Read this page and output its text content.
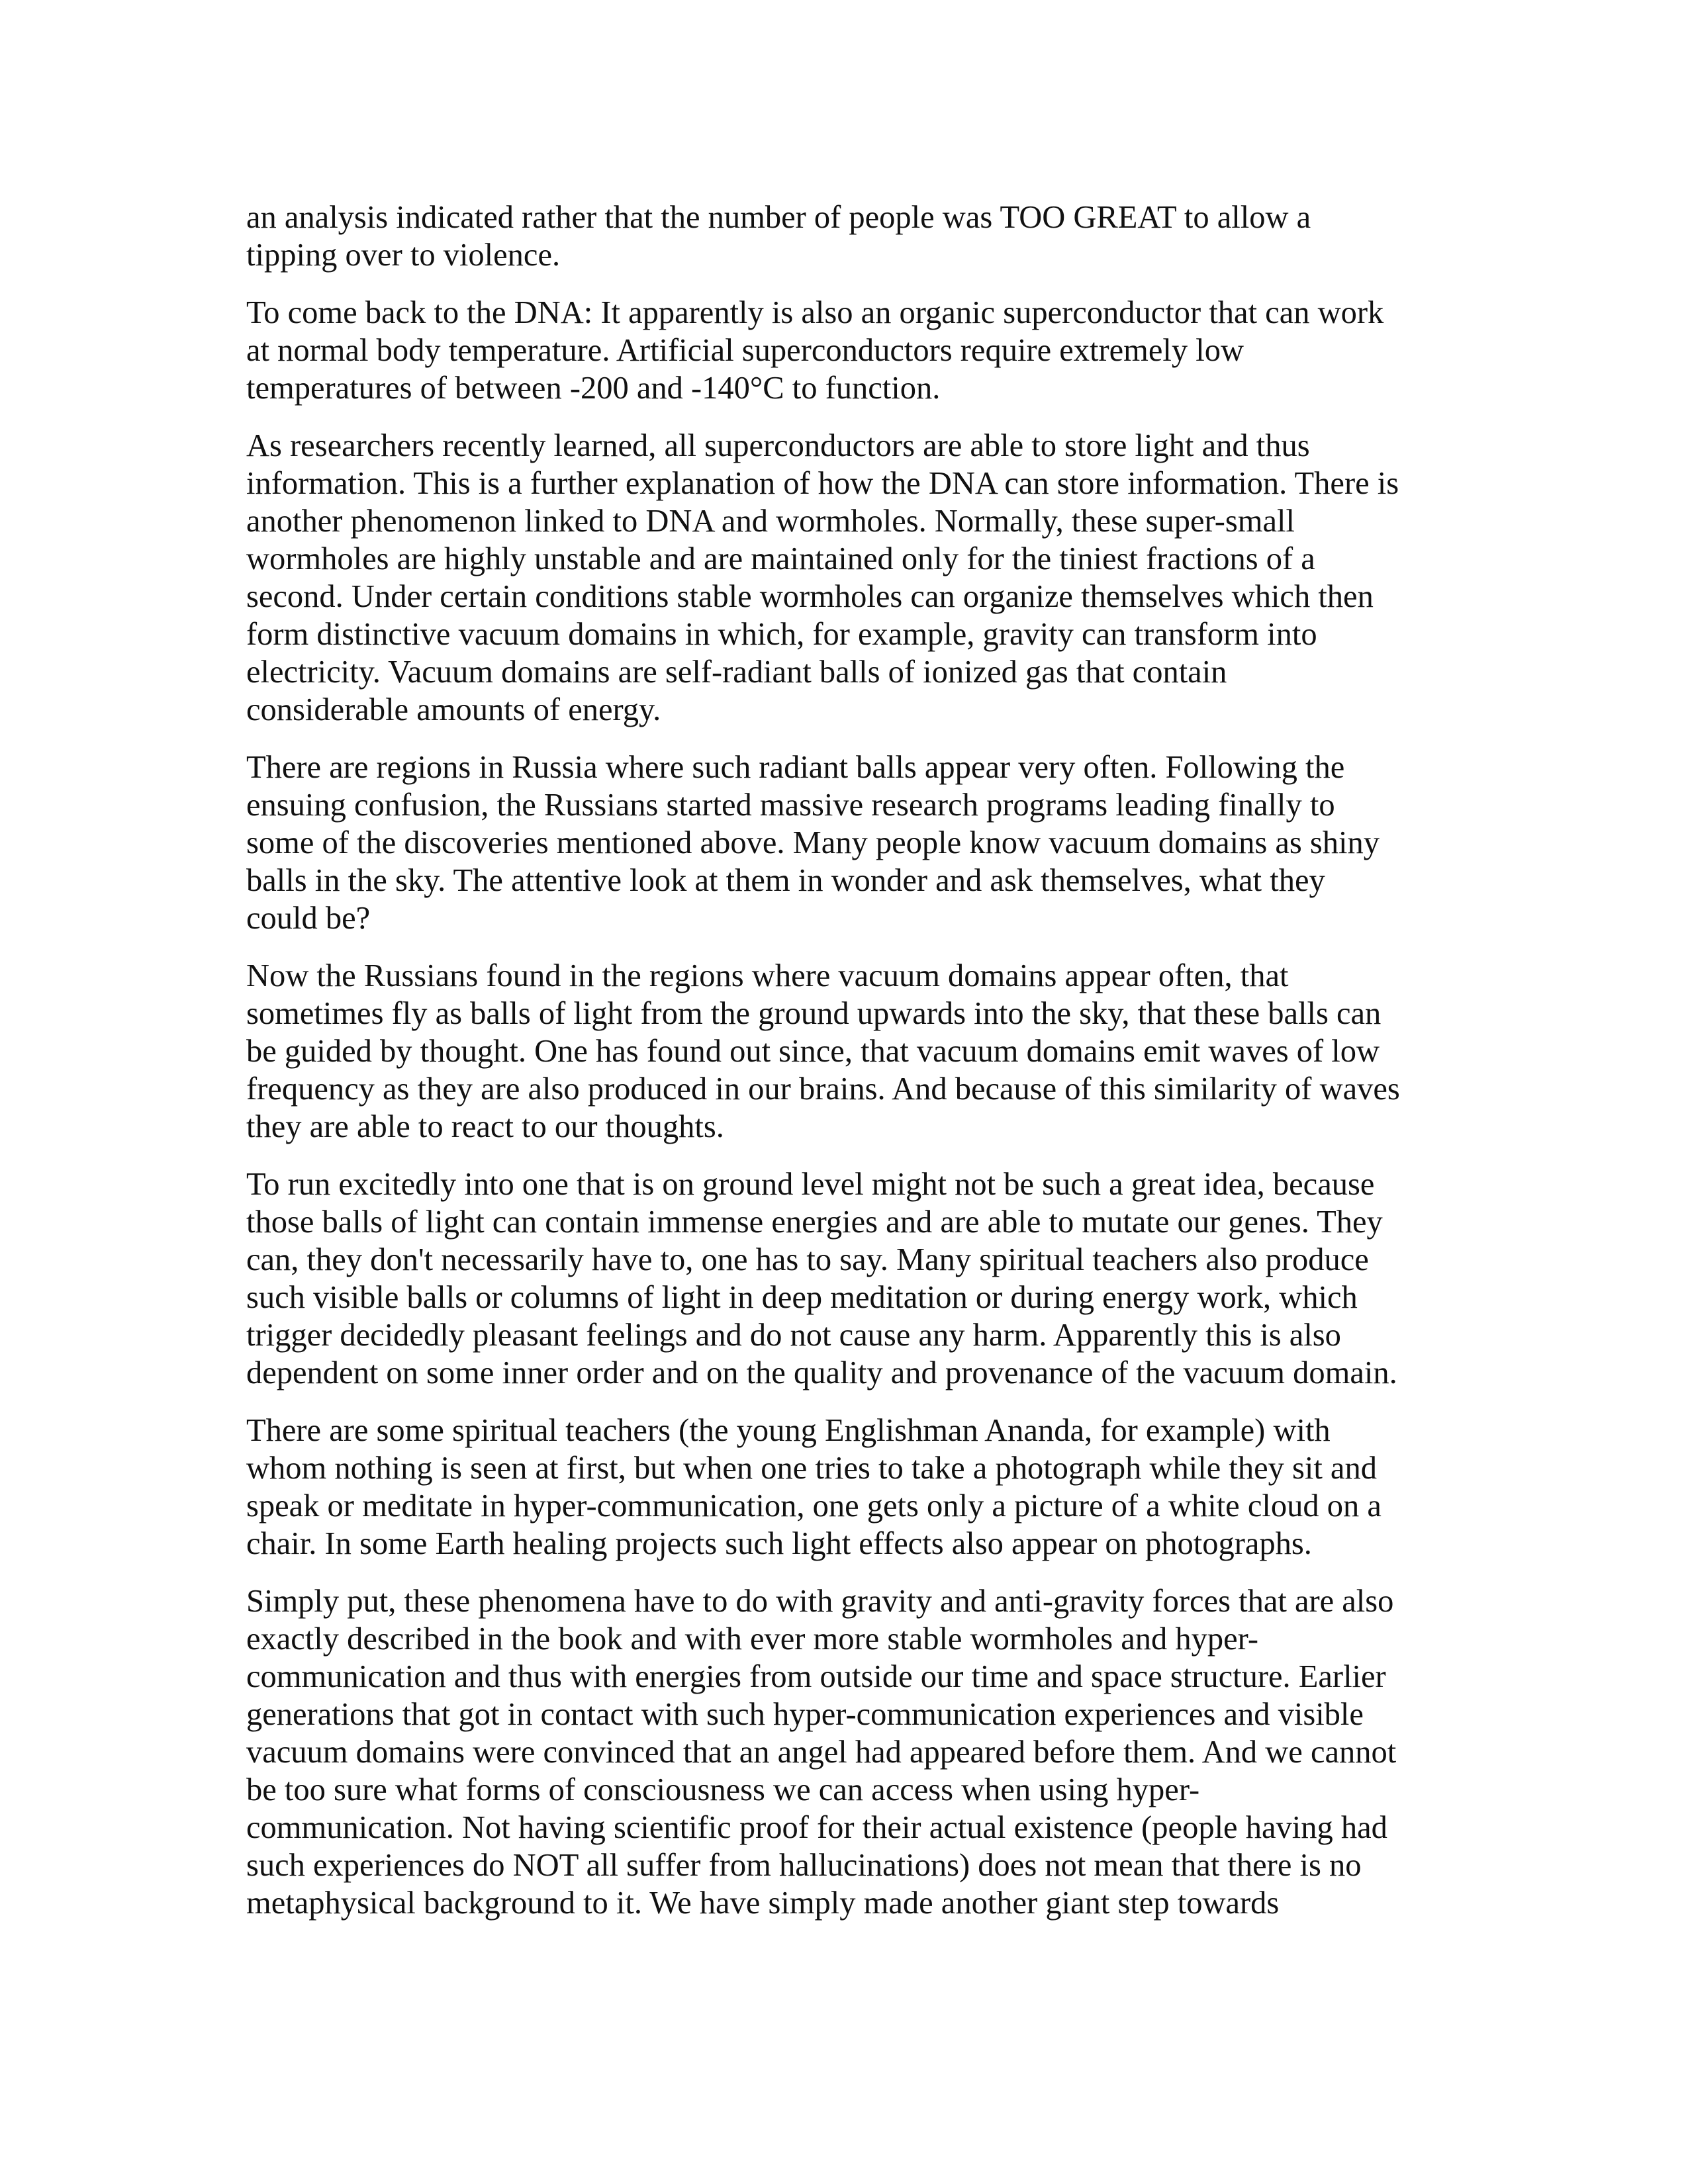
an analysis indicated rather that the number of people was TOO GREAT to allow a
tipping over to violence.

To come back to the DNA: It apparently is also an organic superconductor that can work
at normal body temperature. Artificial superconductors require extremely low
temperatures of between -200 and -140°C to function.

As researchers recently learned, all superconductors are able to store light and thus
information. This is a further explanation of how the DNA can store information. There is
another phenomenon linked to DNA and wormholes. Normally, these super-small
wormholes are highly unstable and are maintained only for the tiniest fractions of a
second. Under certain conditions stable wormholes can organize themselves which then
form distinctive vacuum domains in which, for example, gravity can transform into
electricity. Vacuum domains are self-radiant balls of ionized gas that contain
considerable amounts of energy.

There are regions in Russia where such radiant balls appear very often. Following the
ensuing confusion, the Russians started massive research programs leading finally to
some of the discoveries mentioned above. Many people know vacuum domains as shiny
balls in the sky. The attentive look at them in wonder and ask themselves, what they
could be?

Now the Russians found in the regions where vacuum domains appear often, that
sometimes fly as balls of light from the ground upwards into the sky, that these balls can
be guided by thought. One has found out since, that vacuum domains emit waves of low
frequency as they are also produced in our brains. And because of this similarity of waves
they are able to react to our thoughts.

To run excitedly into one that is on ground level might not be such a great idea, because
those balls of light can contain immense energies and are able to mutate our genes. They
can, they don't necessarily have to, one has to say. Many spiritual teachers also produce
such visible balls or columns of light in deep meditation or during energy work, which
trigger decidedly pleasant feelings and do not cause any harm. Apparently this is also
dependent on some inner order and on the quality and provenance of the vacuum domain.

There are some spiritual teachers (the young Englishman Ananda, for example) with
whom nothing is seen at first, but when one tries to take a photograph while they sit and
speak or meditate in hyper-communication, one gets only a picture of a white cloud on a
chair. In some Earth healing projects such light effects also appear on photographs.

Simply put, these phenomena have to do with gravity and anti-gravity forces that are also
exactly described in the book and with ever more stable wormholes and hyper-
communication and thus with energies from outside our time and space structure. Earlier
generations that got in contact with such hyper-communication experiences and visible
vacuum domains were convinced that an angel had appeared before them. And we cannot
be too sure what forms of consciousness we can access when using hyper-
communication. Not having scientific proof for their actual existence (people having had
such experiences do NOT all suffer from hallucinations) does not mean that there is no
metaphysical background to it. We have simply made another giant step towards
